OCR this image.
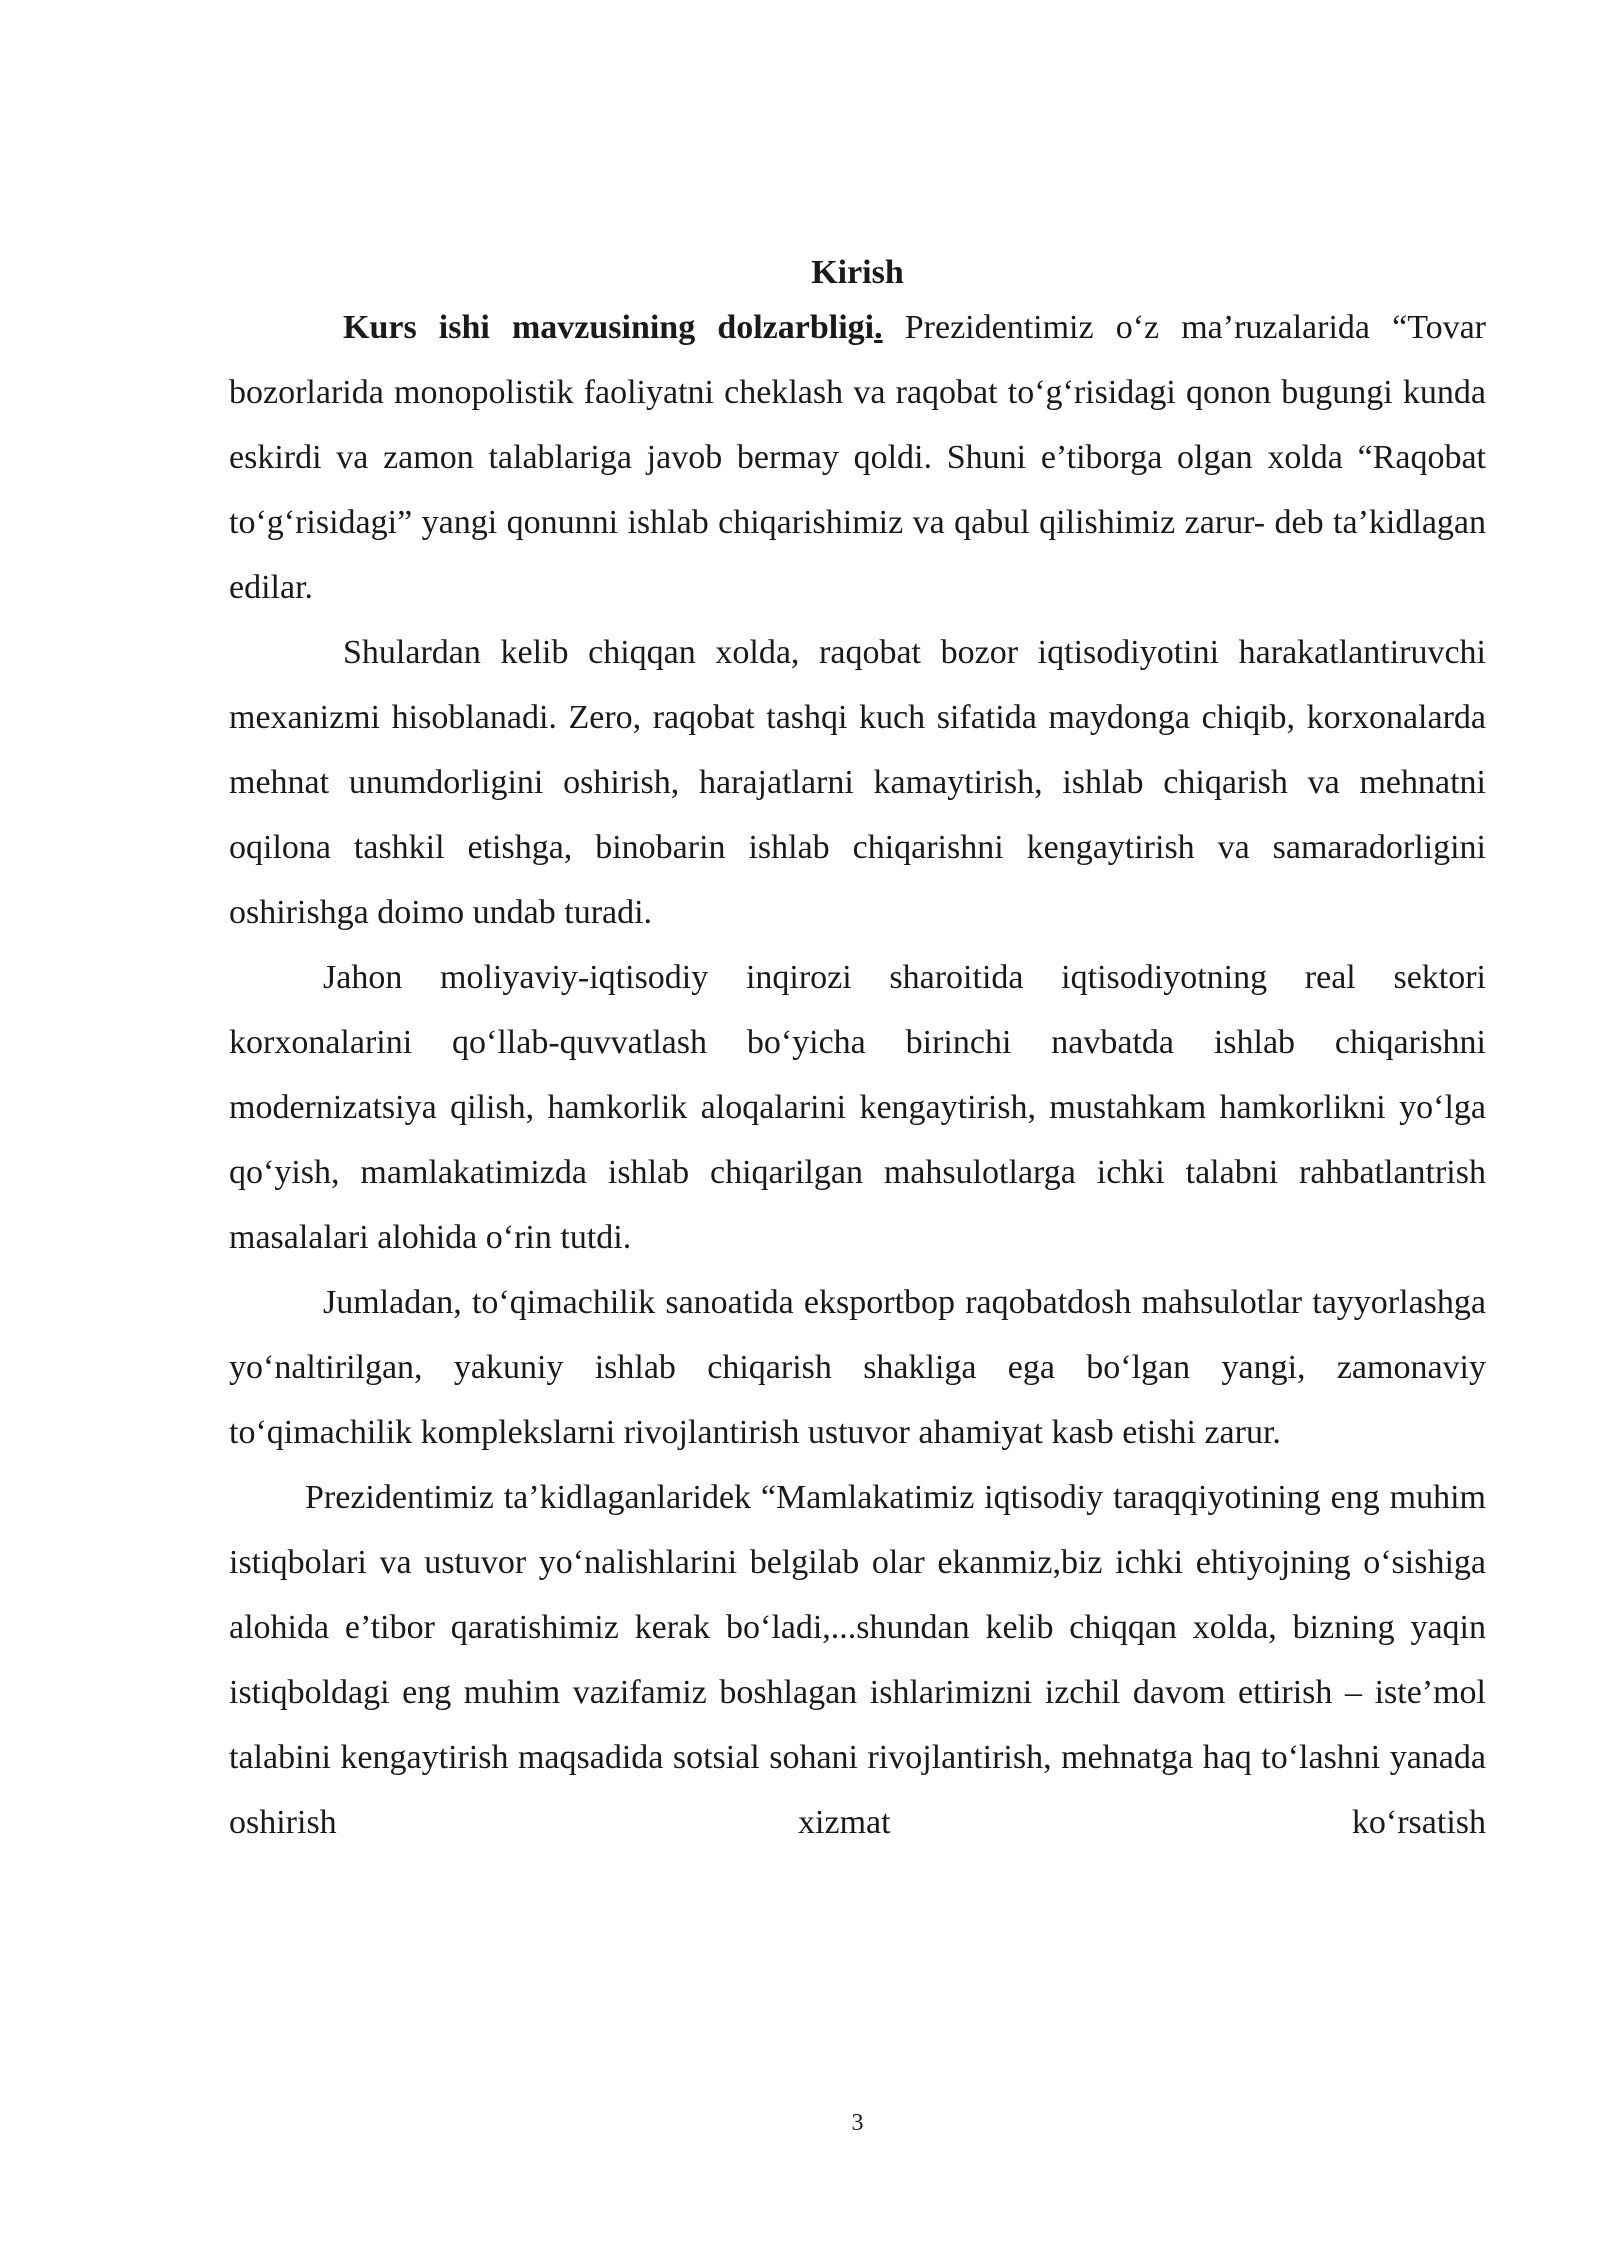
Kirish

Kurs ishi mavzusining dolzarbligi. Prezidentimiz o‘z ma’ruzalarida “Tovar bozorlarida monopolistik faoliyatni cheklash va raqobat to‘g‘risidagi qonon bugungi kunda eskirdi va zamon talablariga javob bermay qoldi. Shuni e’tiborga olgan xolda “Raqobat to‘g‘risidagi” yangi qonunni ishlab chiqarishimiz va qabul qilishimiz zarur- deb ta’kidlagan edilar.

Shulardan kelib chiqqan xolda, raqobat bozor iqtisodiyotini harakatlantiruvchi mexanizmi hisoblanadi. Zero, raqobat tashqi kuch sifatida maydonga chiqib, korxonalarda mehnat unumdorligini oshirish, harajatlarni kamaytirish, ishlab chiqarish va mehnatni oqilona tashkil etishga, binobarin ishlab chiqarishni kengaytirish va samaradorligini oshirishga doimo undab turadi.

Jahon moliyaviy-iqtisodiy inqirozi sharoitida iqtisodiyotning real sektori korxonalarini qo‘llab-quvvatlash bo‘yicha birinchi navbatda ishlab chiqarishni modernizatsiya qilish, hamkorlik aloqalarini kengaytirish, mustahkam hamkorlikni yo‘lga qo‘yish, mamlakatimizda ishlab chiqarilgan mahsulotlarga ichki talabni rahbatlantrish masalalari alohida o‘rin tutdi.

Jumladan, to‘qimachilik sanoatida eksportbop raqobatdosh mahsulotlar tayyorlashga yo‘naltirilgan, yakuniy ishlab chiqarish shakliga ega bo‘lgan yangi, zamonaviy to‘qimachilik komplekslarni rivojlantirish ustuvor ahamiyat kasb etishi zarur.

Prezidentimiz ta’kidlaganlaridek “Mamlakatimiz iqtisodiy taraqqiyotining eng muhim istiqbolari va ustuvor yo‘nalishlarini belgilab olar ekanmiz,biz ichki ehtiyojning o‘sishiga alohida e’tibor qaratishimiz kerak bo‘ladi,...shundan kelib chiqqan xolda, bizning yaqin istiqboldagi eng muhim vazifamiz boshlagan ishlarimizni izchil davom ettirish – iste’mol talabini kengaytirish maqsadida sotsial sohani rivojlantirish, mehnatga haq to‘lashni yanada oshirish xizmat ko‘rsatish

3
